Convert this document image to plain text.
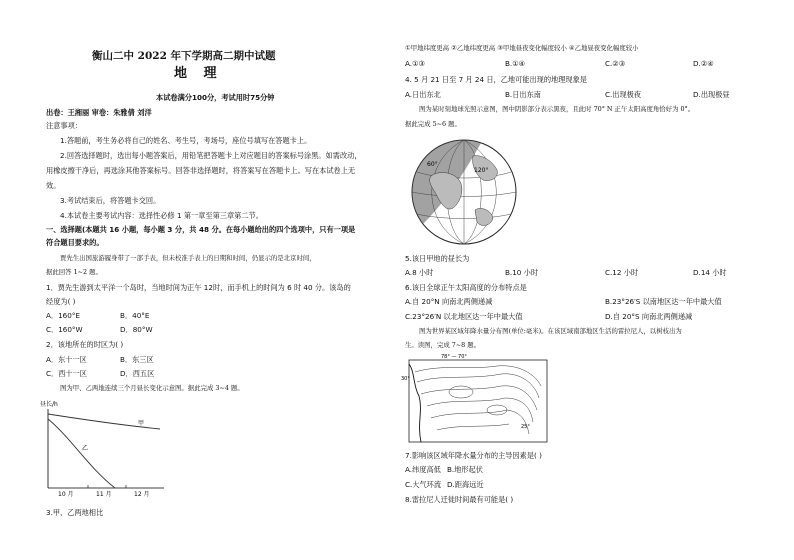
衡山二中 2022 年下学期高二期中试题
地 理
本试卷满分100分，考试用时75分钟
出卷：王湘丽 审卷：朱雅倩 刘洋
注意事项：
1.答题前，考生务必将自己的姓名、考生号，考场号，座位号填写在答题卡上。
2.回答选择题时，选出每小题答案后，用铅笔把答题卡上对应题目的答案标号涂黑。如需改动，
用橡皮擦干净后，再选涂其他答案标号。回答非选择题时，将答案写在答题卡上。写在本试卷上无
效。
3.考试结束后，将答题卡交回。
4.本试卷主要考试内容：选择性必修 1 第一章至第三章第二节。
一、选择题(本题共 16 小题，每小题 3 分，共 48 分。在每小题给出的四个选项中，只有一项是
符合题目要求的。
贾先生出国旅游履身带了一部手表，但未校准手表上的日期和时间，仍显示的是北京时间，
据此回答 1~2 题。
1．贾先生游到太平洋一个岛时，当地时间为正午 12时，而手机上的时间为 6 时 40 分。该岛的
经度为( )
A．160°E	B．40°E
C．160°W	D．80°W
2．该地所在的时区为( )
A．东十一区	B．东三区
C．西十一区	D．西五区
图为甲、乙两地连续三个月昼长变化示意图。据此完成 3~4 题。
昼长/h
甲
乙
10 月	11 月	12 月
3.甲、乙两地相比
①甲地纬度更高 ②乙地纬度更高 ③甲地昼夜变化幅度较小 ④乙地昼夜变化幅度较小
A.①③	B.①④	C.②③	D.②④
4. 5 月 21 日至 7 月 24 日，乙地可能出现的地理现象是
A.日出东北	B.日出东南	C.出现极夜	D.出现极昼
图为某时刻地球光照示意图，图中阴影部分表示黑夜，且此时 70° N 正午太阳高度角恰好为 0°。
据此完成 5~6 题。
120°
60°
5.该日甲地的昼长为
A.8 小时	B.10 小时	C.12 小时	D.14 小时
6.该日全球正午太阳高度的分布特点是
A.自 20°N 向南北两侧递减	B.23°26′S 以南地区达一年中最大值
C.23°26′N 以北地区达一年中最大值	D.自 20°S 向南北两侧递减
图为世界某区域年降水量分布图(单位:毫米)。在该区域南部地区生活的雷拉尼人，以树枝出为
生。读图，完成 7~8 题。
78° — 70°
30°
25°
7.影响该区域年降水量分布的主导因素是( )
A.纬度高低 B.地形起伏
C.大气环流 D.距海远近
8.雷拉尼人迁徙时间最有可能是( )
